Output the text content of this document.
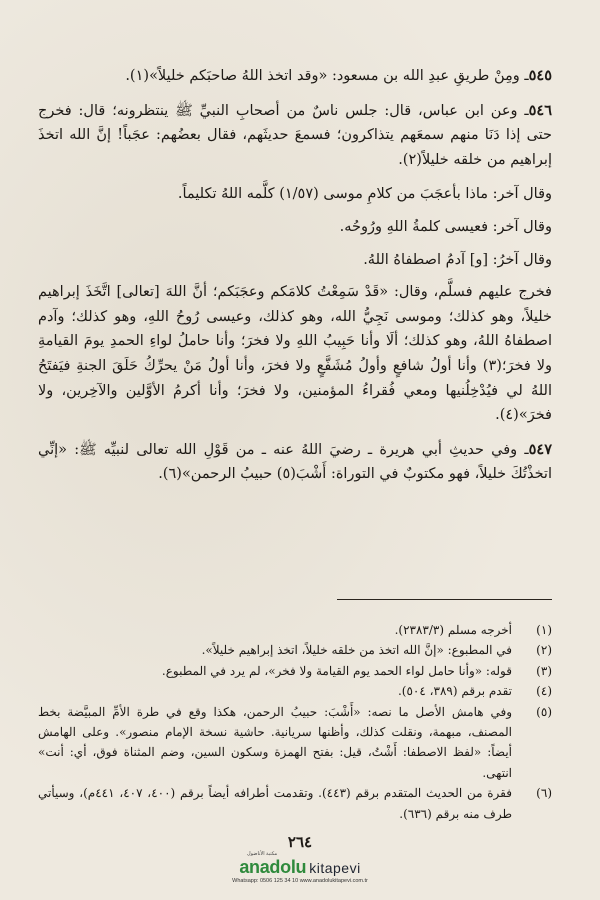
٥٤٥ـ ومِنْ طريقِ عبدِ الله بن مسعود: «وقد اتخذ اللهُ صاحبَكم خليلاً»(١).

٥٤٦ـ وعن ابن عباس، قال: جلس ناسٌ من أصحابِ النبيِّ ﷺ ينتظرونه؛ قال: فخرج حتى إذا دَنَا منهم سمعَهم يتذاكرون؛ فسمعَ حديثَهم، فقال بعضُهم: عجَباً! إنَّ الله اتخذَ إبراهيم من خلقه خليلاً(٢).

وقال آخر: ماذا بأعجَبَ من كلامِ موسى (١/٥٧) كلَّمه اللهُ تكليماً.

وقال آخر: فعيسى كلمةُ اللهِ ورُوحُه.

وقال آخرُ: [و] آدمُ اصطفاهُ اللهُ.

فخرج عليهم فسلَّم، وقال: «قَدْ سَمِعْتُ كلامَكم وعجَبَكم؛ أنَّ اللهَ [تعالى] اتَّخَذَ إبراهيم خليلاً، وهو كذلك؛ وموسى نَجِيُّ الله، وهو كذلك، وعيسى رُوحُ اللهِ، وهو كذلك؛ وآدم اصطفاهُ اللهُ، وهو كذلك؛ ألَا وأنا حَبِيبُ اللهِ ولا فخرَ؛ وأنا حاملُ لواءِ الحمدِ يومَ القيامةِ ولا فخرَ؛(٣) وأنا أولُ شافعٍ وأولُ مُشَفَّعٍ ولا فخرَ، وأنا أولُ مَنْ يحرِّكُ حَلَقَ الجنةِ فيَفتَحُ اللهُ لي فيُدْخِلُنيها ومعي فُقراءُ المؤمنين، ولا فخرَ؛ وأنا أكرمُ الأوَّلين والآخِرين، ولا فخرَ»(٤).

٥٤٧ـ وفي حديثِ أبي هريرة ـ رضيَ اللهُ عنه ـ من قَوْلِ الله تعالى لنبيِّه ﷺ: «إنِّي اتخذْتُكَ خليلاً، فهو مكتوبٌ في التوراة: أَشْبَ(٥) حبيبُ الرحمن»(٦).

(١)
أخرجه مسلم (٢٣٨٣/٣).
(٢)
في المطبوع: «إنَّ الله اتخذ من خلقه خليلاً، اتخذ إبراهيم خليلاً».
(٣)
قوله: «وأنا حامل لواء الحمد يوم القيامة ولا فخر»، لم يرد في المطبوع.
(٤)
تقدم برقم (٣٨٩، ٥٠٤).
(٥)
وفي هامش الأصل ما نصه: «أَشْبَ: حبيبُ الرحمن، هكذا وقع في طرة الأمِّ المبيَّضة بخط المصنف، مبهمة، ونقلت كذلك، وأظنها سريانية. حاشية نسخة الإمام منصور». وعلى الهامش أيضاً: «لفظ الاصطفا: أَشْتُ، قيل: بفتح الهمزة وسكون السين، وضم المثناة فوق، أي: أنت» انتهى.
(٦)
فقرة من الحديث المتقدم برقم (٤٤٣). وتقدمت أطرافه أيضاً برقم (٤٠٠، ٤٠٧، ٤٤١م)، وسيأتي طرف منه برقم (٦٣٦).
٢٦٤
مكتبة الأناضول
anadolu kitapevi
Whatsapp: 0506 125 34 10 www.anadolukitapevi.com.tr
